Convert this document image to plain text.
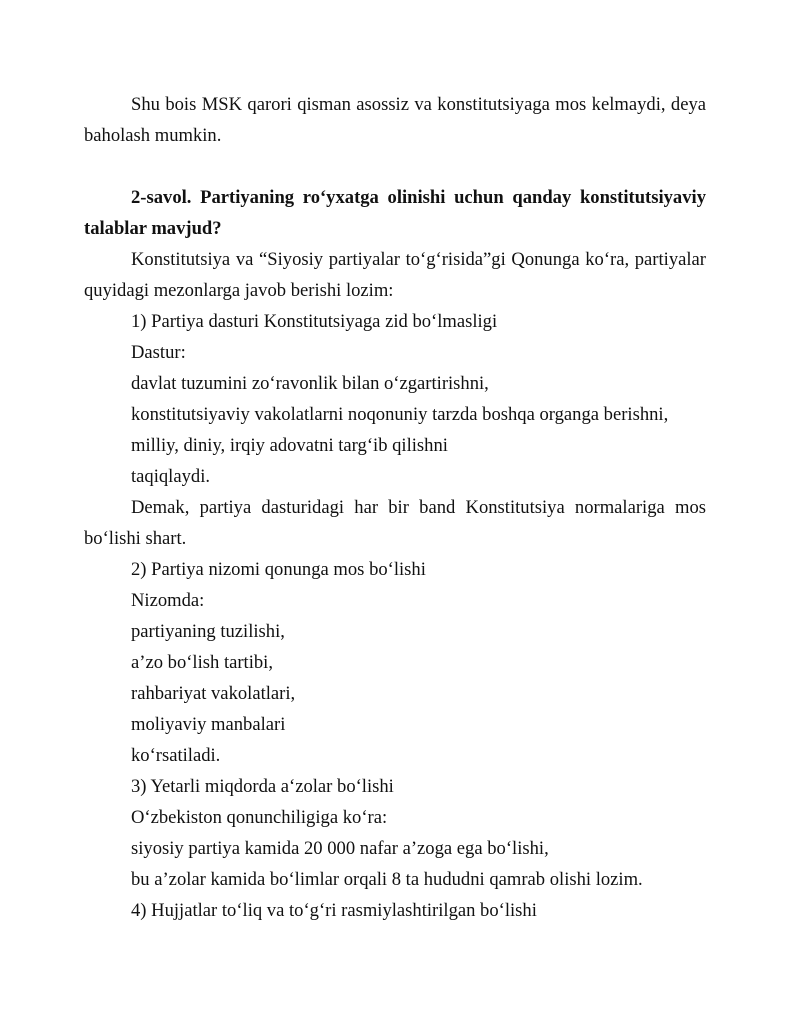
Shu bois MSK qarori qisman asossiz va konstitutsiyaga mos kelmaydi, deya baholash mumkin.

2-savol. Partiyaning ro‘yxatga olinishi uchun qanday konstitutsiyaviy talablar mavjud?

Konstitutsiya va “Siyosiy partiyalar to‘g‘risida”gi Qonunga ko‘ra, partiyalar quyidagi mezonlarga javob berishi lozim:

1) Partiya dasturi Konstitutsiyaga zid bo‘lmasligi
Dastur:
davlat tuzumini zo‘ravonlik bilan o‘zgartirishni,
konstitutsiyaviy vakolatlarni noqonuniy tarzda boshqa organga berishni,
milliy, diniy, irqiy adovatni targ‘ib qilishni
taqiqlaydi.

Demak, partiya dasturidagi har bir band Konstitutsiya normalariga mos bo‘lishi shart.

2) Partiya nizomi qonunga mos bo‘lishi
Nizomda:
partiyaning tuzilishi,
a’zo bo‘lish tartibi,
rahbariyat vakolatlari,
moliyaviy manbalari
ko‘rsatiladi.
3) Yetarli miqdorda a‘zolar bo‘lishi
O‘zbekiston qonunchiligiga ko‘ra:
siyosiy partiya kamida 20 000 nafar a’zoga ega bo‘lishi,
bu a’zolar kamida bo‘limlar orqali 8 ta hududni qamrab olishi lozim.
4) Hujjatlar to‘liq va to‘g‘ri rasmiylashtirilgan bo‘lishi
